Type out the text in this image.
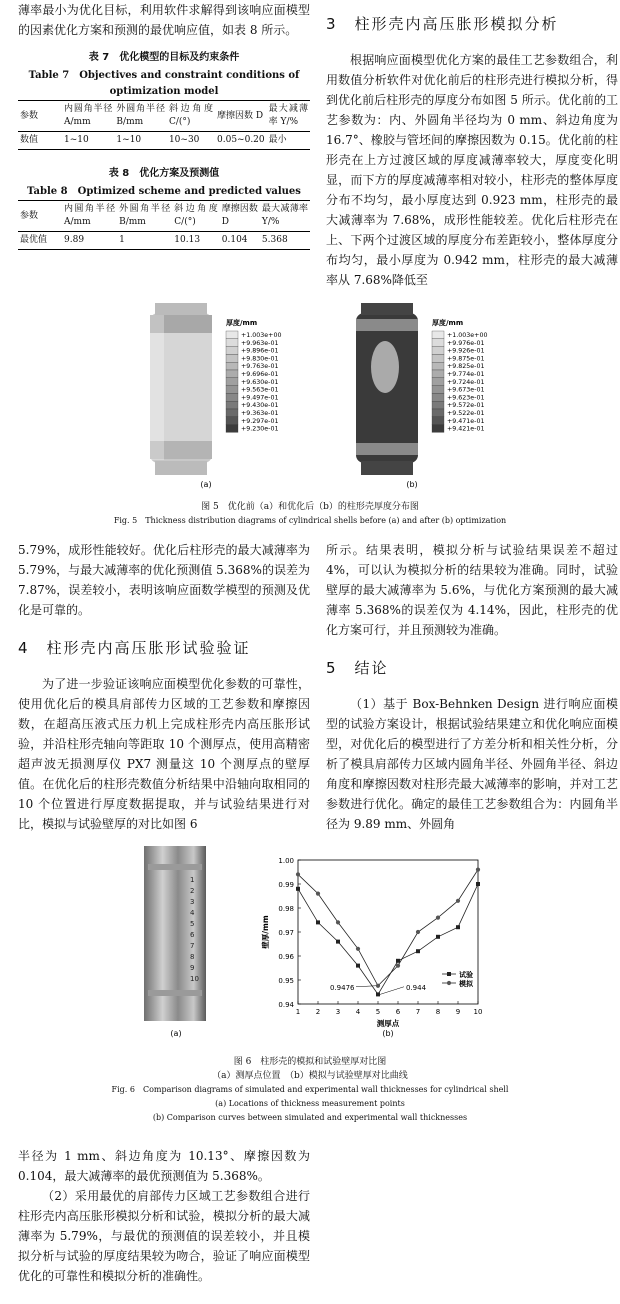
薄率最小为优化目标，利用软件求解得到该响应面模型的因素优化方案和预测的最优响应值，如表 8 所示。

表 7　优化模型的目标及约束条件
Table 7　Objectives and constraint conditions of optimization model
参数	内圆角半径 A/mm	外圆角半径 B/mm	斜边角度 C/(°)	摩擦因数 D	最大减薄率 Y/%
数值	1~10	1~10	10~30	0.05~0.20	最小
表 8　优化方案及预测值
Table 8　Optimized scheme and predicted values
参数	内圆角半径 A/mm	外圆角半径 B/mm	斜边角度 C/(°)	摩擦因数 D	最大减薄率 Y/%
最优值	9.89	1	10.13	0.104	5.368

3　柱形壳内高压胀形模拟分析

根据响应面模型优化方案的最佳工艺参数组合，利用数值分析软件对优化前后的柱形壳进行模拟分析，得到优化前后柱形壳的厚度分布如图 5 所示。优化前的工艺参数为：内、外圆角半径均为 0 mm、斜边角度为 16.7°、橡胶与管坯间的摩擦因数为 0.15。优化前的柱形壳在上方过渡区域的厚度减薄率较大，厚度变化明显，而下方的厚度减薄率相对较小，柱形壳的整体厚度分布不均匀，最小厚度达到 0.923 mm，柱形壳的最大减薄率为 7.68%，成形性能较差。优化后柱形壳在上、下两个过渡区域的厚度分布差距较小，整体厚度分布均匀，最小厚度为 0.942 mm，柱形壳的最大减薄率从 7.68%降低至

厚度/mm
+1.003e+00
+9.963e-01
+9.896e-01
+9.830e-01
+9.763e-01
+9.696e-01
+9.630e-01
+9.563e-01
+9.497e-01
+9.430e-01
+9.363e-01
+9.297e-01
+9.230e-01
厚度/mm
+1.003e+00
+9.976e-01
+9.926e-01
+9.875e-01
+9.825e-01
+9.774e-01
+9.724e-01
+9.673e-01
+9.623e-01
+9.572e-01
+9.522e-01
+9.471e-01
+9.421e-01
(a)	(b)
图 5　优化前（a）和优化后（b）的柱形壳厚度分布图
Fig. 5　Thickness distribution diagrams of cylindrical shells before (a) and after (b) optimization

5.79%，成形性能较好。优化后柱形壳的最大减薄率为 5.79%，与最大减薄率的优化预测值 5.368%的误差为 7.87%，误差较小，表明该响应面数学模型的预测及优化是可靠的。

4　柱形壳内高压胀形试验验证

为了进一步验证该响应面模型优化参数的可靠性，使用优化后的模具肩部传力区域的工艺参数和摩擦因数，在超高压液式压力机上完成柱形壳内高压胀形试验，并沿柱形壳轴向等距取 10 个测厚点，使用高精密超声波无损测厚仪 PX7 测量这 10 个测厚点的壁厚值。在优化后的柱形壳数值分析结果中沿轴向取相同的 10 个位置进行厚度数据提取，并与试验结果进行对比，模拟与试验壁厚的对比如图 6

所示。结果表明，模拟分析与试验结果误差不超过 4%，可以认为模拟分析的结果较为准确。同时，试验壁厚的最大减薄率为 5.6%，与优化方案预测的最大减薄率 5.368%的误差仅为 4.14%，因此，柱形壳的优化方案可行，并且预测较为准确。

5　结论

（1）基于 Box-Behnken Design 进行响应面模型的试验方案设计，根据试验结果建立和优化响应面模型，对优化后的模型进行了方差分析和相关性分析，分析了模具肩部传力区域内圆角半径、外圆角半径、斜边角度和摩擦因数对柱形壳最大减薄率的影响，并对工艺参数进行优化。确定的最佳工艺参数组合为：内圆角半径为 9.89 mm、外圆角

1
2
3
4
5
6
7
8
9
10
(a)
0.94
0.95
0.96
0.97
0.98
0.99
1.00
1 2 3 4 5 6 7 8 9 10
测厚点
壁厚/mm
0.9476	0.944
试验
模拟
(b)
图 6　柱形壳的模拟和试验壁厚对比图
（a）测厚点位置　（b）模拟与试验壁厚对比曲线
Fig. 6　Comparison diagrams of simulated and experimental wall thicknesses for cylindrical shell
(a) Locations of thickness measurement points
(b) Comparison curves between simulated and experimental wall thicknesses

半径为 1 mm、斜边角度为 10.13°、摩擦因数为 0.104，最大减薄率的最优预测值为 5.368%。

（2）采用最优的肩部传力区域工艺参数组合进行柱形壳内高压胀形模拟分析和试验，模拟分析的最大减薄率为 5.79%，与最优的预测值的误差较小，并且模拟分析与试验的厚度结果较为吻合，验证了响应面模型优化的可靠性和模拟分析的准确性。
